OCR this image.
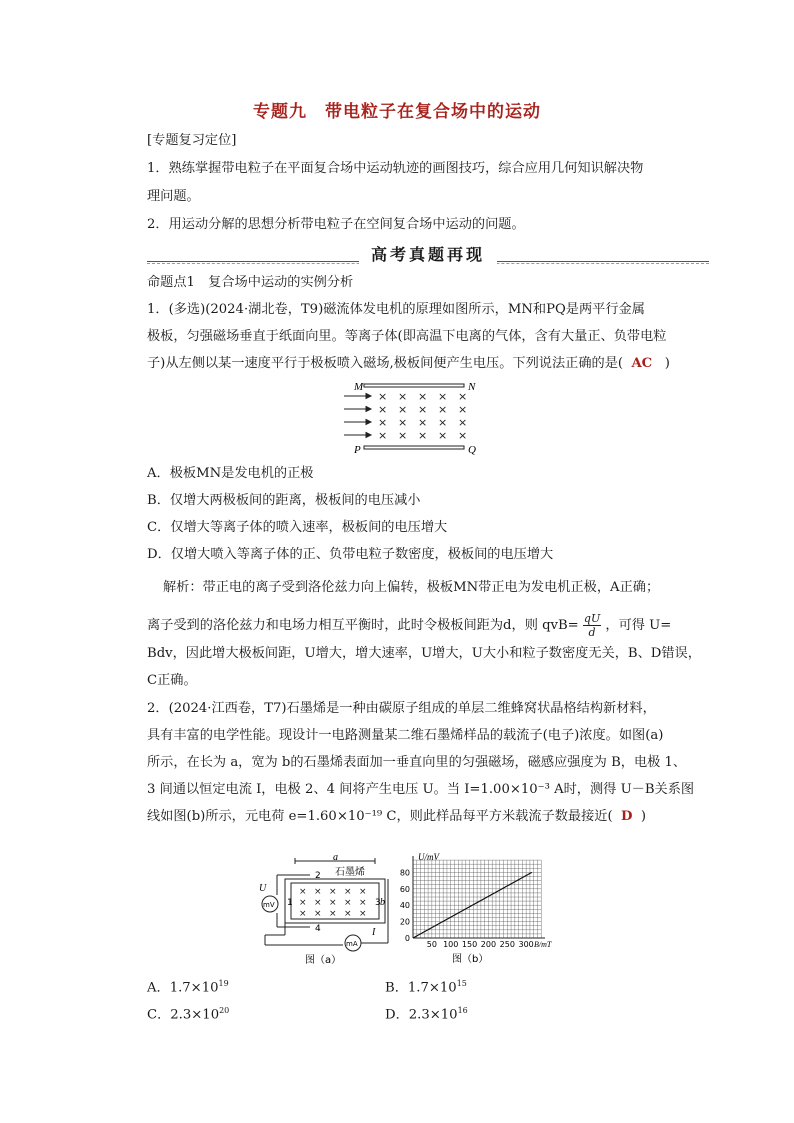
专题九　带电粒子在复合场中的运动
[专题复习定位]
1．熟练掌握带电粒子在平面复合场中运动轨迹的画图技巧，综合应用几何知识解决物
理问题。
2．用运动分解的思想分析带电粒子在空间复合场中运动的问题。
高考真题再现
命题点1　复合场中运动的实例分析
1．(多选)(2024·湖北卷，T9)磁流体发电机的原理如图所示，MN和PQ是两平行金属
极板，匀强磁场垂直于纸面向里。等离子体(即高温下电离的气体，含有大量正、负带电粒
子)从左侧以某一速度平行于极板喷入磁场,极板间便产生电压。下列说法正确的是( AC )
M	N
P	Q
× × × × ×
× × × × ×
× × × × ×
× × × × ×
A．极板MN是发电机的正极
B．仅增大两极板间的距离，极板间的电压减小
C．仅增大等离子体的喷入速率，极板间的电压增大
D．仅增大喷入等离子体的正、负带电粒子数密度，极板间的电压增大
解析：带正电的离子受到洛伦兹力向上偏转，极板MN带正电为发电机正极，A正确；
离子受到的洛伦兹力和电场力相互平衡时，此时令极板间距为d，则 $qvB= \frac{qU}{d}$ ，可得 U=
Bdv，因此增大极板间距，U增大，增大速率，U增大，U大小和粒子数密度无关，B、D错误，
C正确。
2．(2024·江西卷，T7)石墨烯是一种由碳原子组成的单层二维蜂窝状晶格结构新材料，
具有丰富的电学性能。现设计一电路测量某二维石墨烯样品的载流子(电子)浓度。如图(a)
所示，在长为 a，宽为 b的石墨烯表面加一垂直向里的匀强磁场，磁感应强度为 B，电极 1、
3 间通以恒定电流 I，电极 2、4 间将产生电压 U。当 I=1.00×10⁻³ A时，测得 U－B关系图
线如图(b)所示，元电荷 e=1.60×10⁻¹⁹ C，则此样品每平方米载流子数最接近( D )
a
b
U
I
mV
mA
石墨烯
2
4
1	3
× × × × ×
× × × × ×
× × × × ×
图（a）
U/mV
B/mT
80
60
40
20
0
50 100 150 200 250 300
图（b）
A．$1.7\times 10^{19}$	B．$1.7\times 10^{15}$
C．$2.3\times 10^{20}$	D．$2.3\times 10^{16}$
